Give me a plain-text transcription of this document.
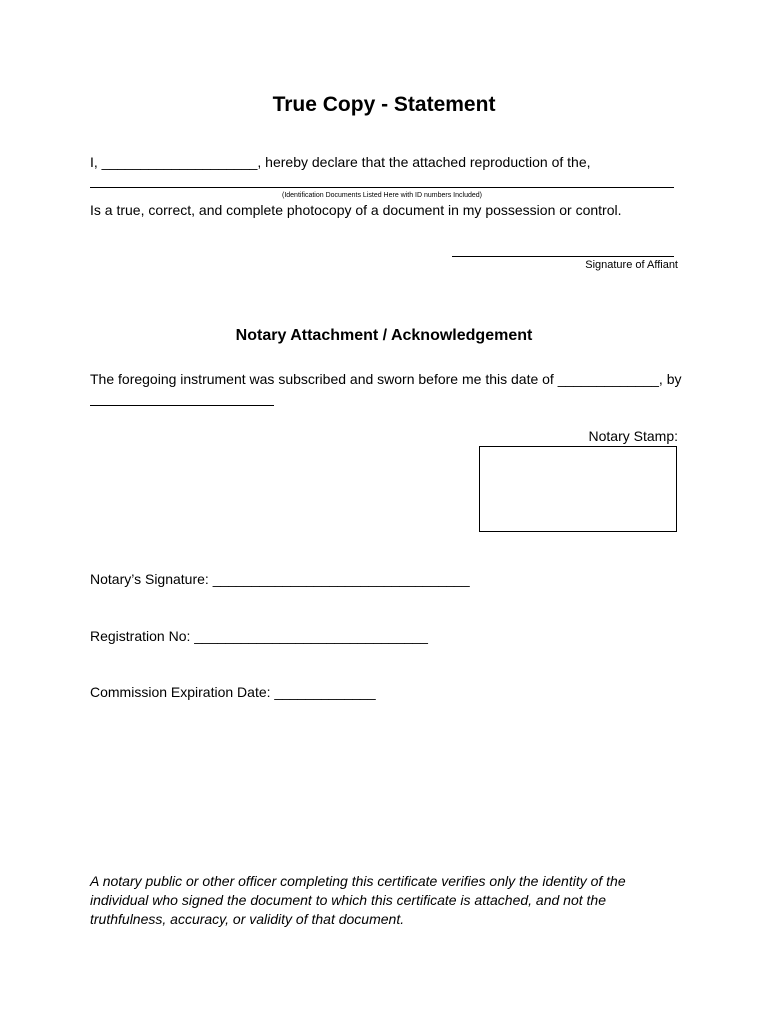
True Copy - Statement
I, ____________________, hereby declare that the attached reproduction of the,
(Identification Documents Listed Here with ID numbers Included)
Is a true, correct, and complete photocopy of a document in my possession or control.
Signature of Affiant
Notary Attachment / Acknowledgement
The foregoing instrument was subscribed and sworn before me this date of _____________, by
Notary Stamp:
Notary’s Signature: _________________________________
Registration No: ______________________________
Commission Expiration Date: _____________
A notary public or other officer completing this certificate verifies only the identity of the
individual who signed the document to which this certificate is attached, and not the
truthfulness, accuracy, or validity of that document.
